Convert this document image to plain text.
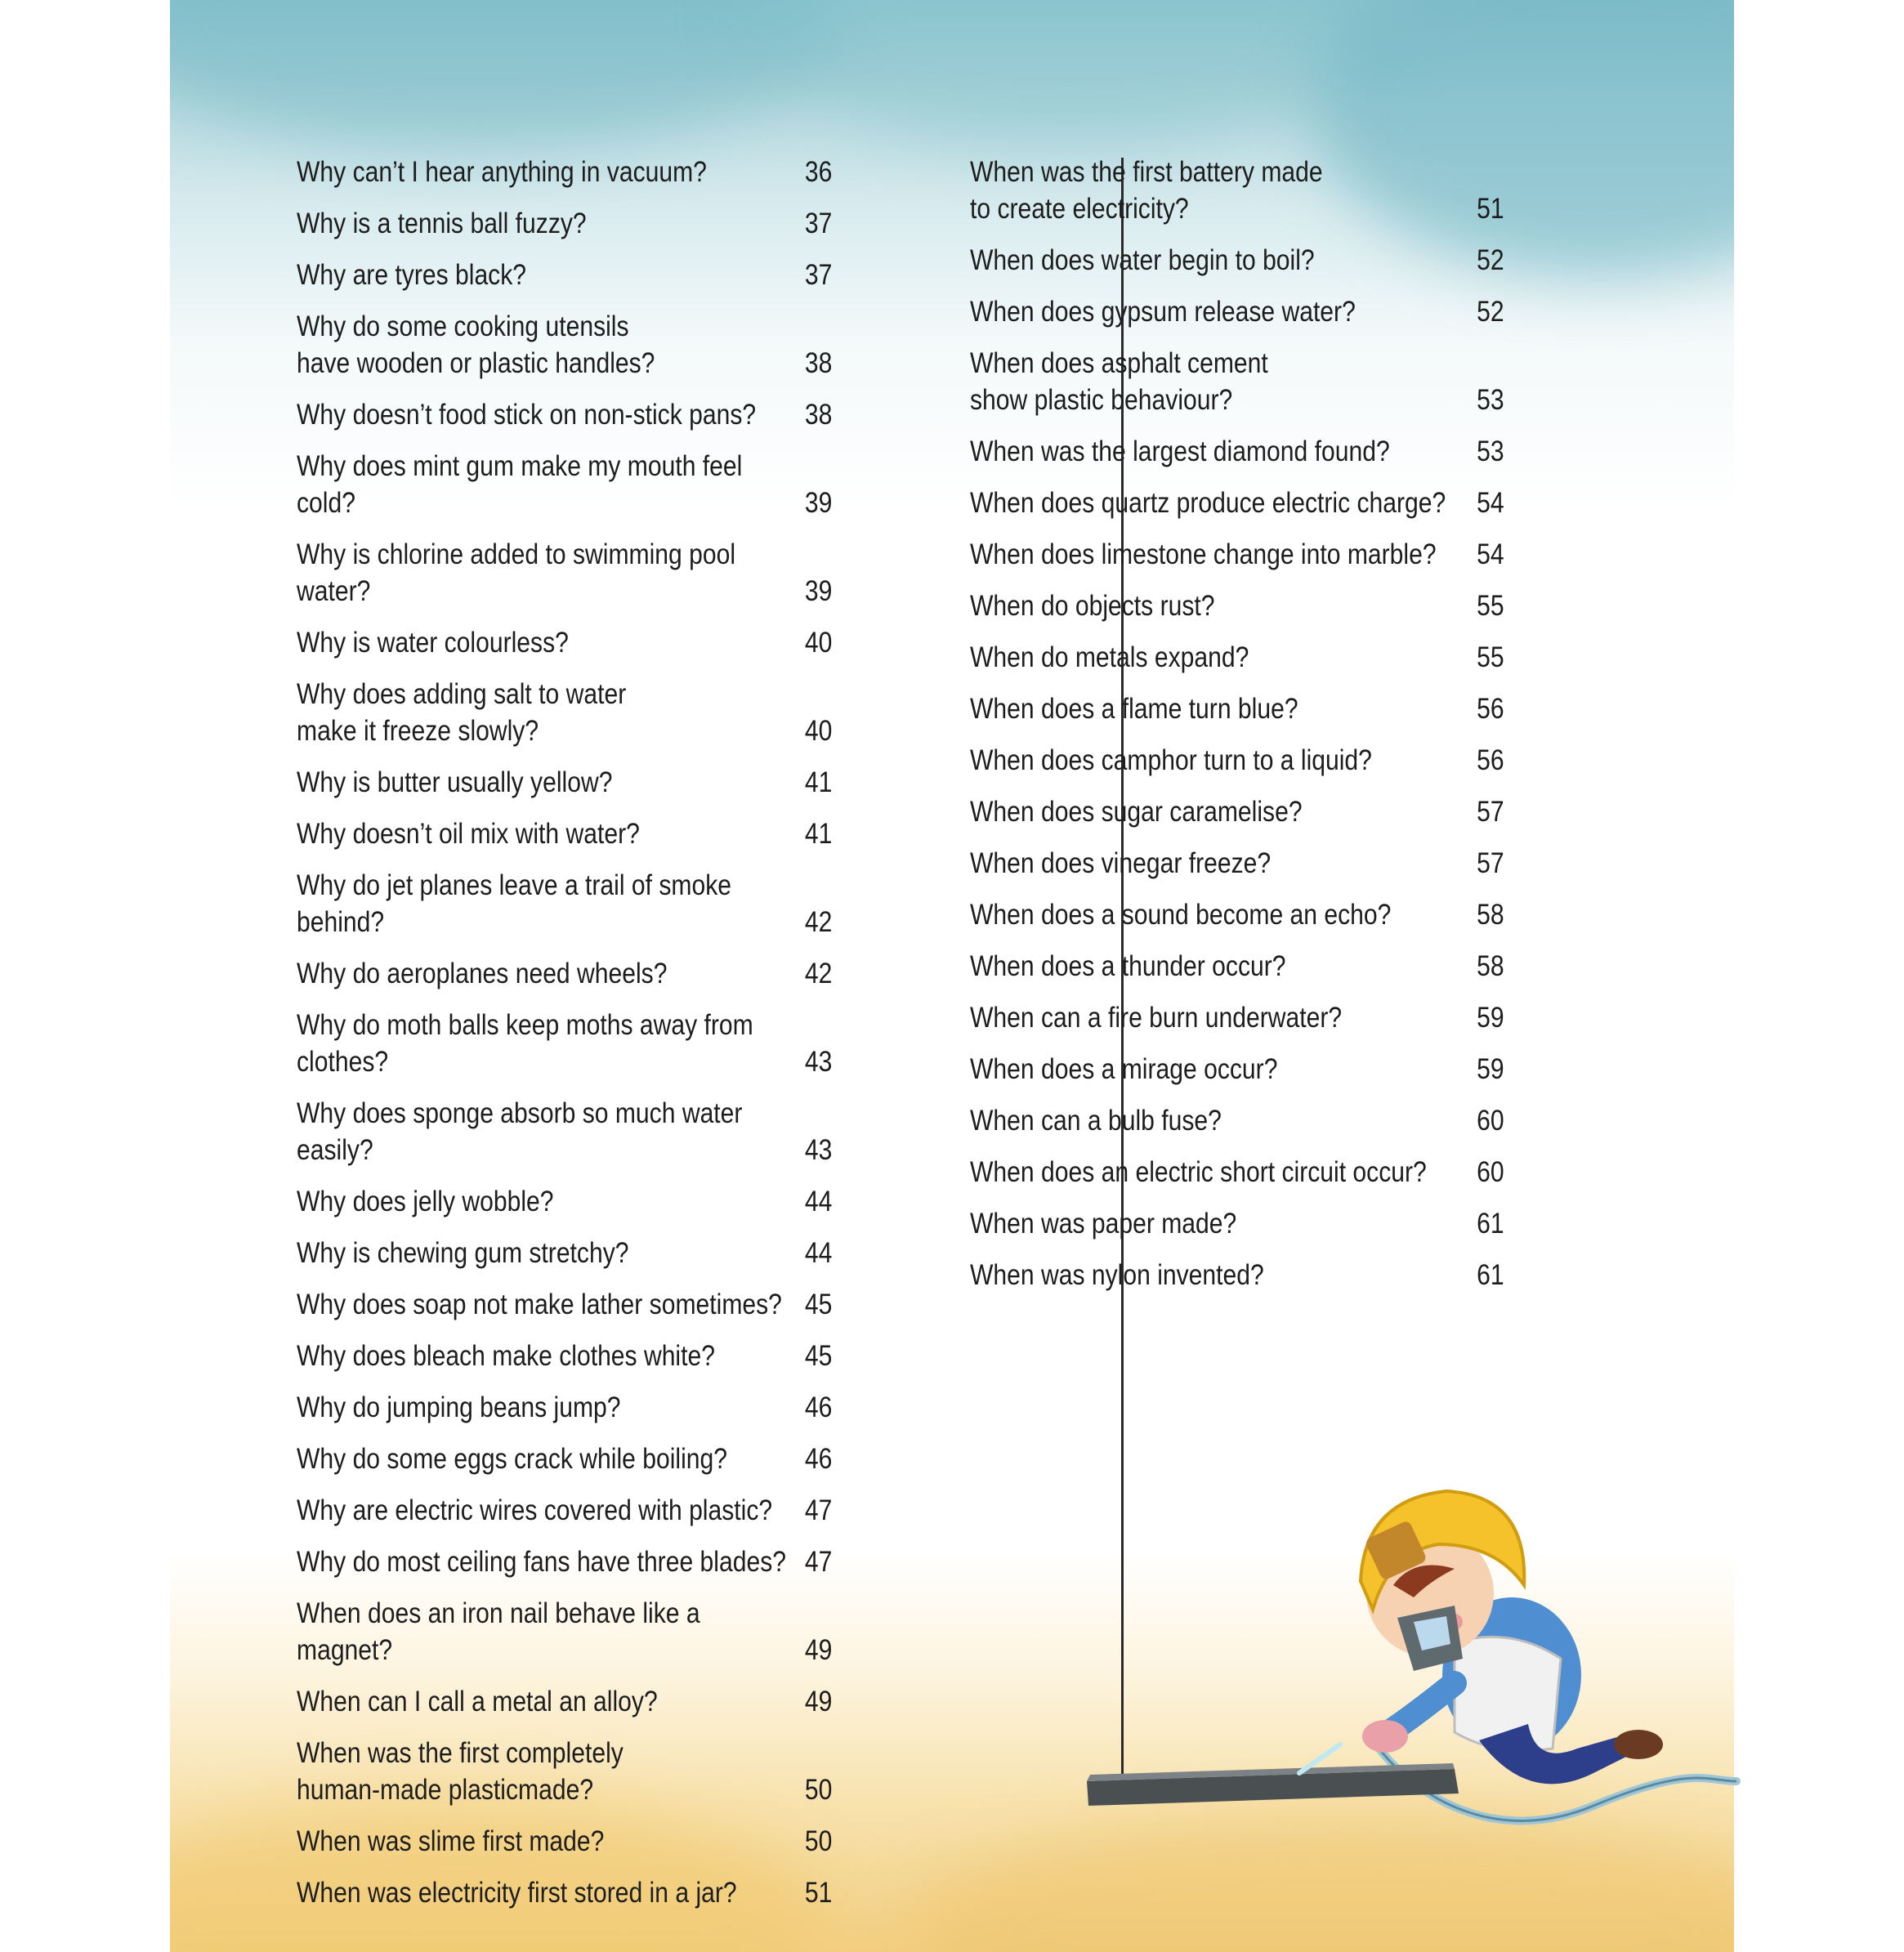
Why can’t I hear anything in vacuum?	36
Why is a tennis ball fuzzy?	37
Why are tyres black?	37
Why do some cooking utensils
have wooden or plastic handles?	38
Why doesn’t food stick on non-stick pans?	38
Why does mint gum make my mouth feel cold?	39
Why is chlorine added to swimming pool water?	39
Why is water colourless?	40
Why does adding salt to water
make it freeze slowly?	40
Why is butter usually yellow?	41
Why doesn’t oil mix with water?	41
Why do jet planes leave a trail of smoke behind?	42
Why do aeroplanes need wheels?	42
Why do moth balls keep moths away from clothes?	43
Why does sponge absorb so much water easily?	43
Why does jelly wobble?	44
Why is chewing gum stretchy?	44
Why does soap not make lather sometimes? 45
Why does bleach make clothes white?	45
Why do jumping beans jump?	46
Why do some eggs crack while boiling?	46
Why are electric wires covered with plastic?	47
Why do most ceiling fans have three blades? 47
When does an iron nail behave like a magnet?	49
When can I call a metal an alloy?	49
When was the first completely
human-made plasticmade?	50
When was slime first made?	50
When was electricity first stored in a jar?	51
When was the first battery made
to create electricity?	51
When does water begin to boil?	52
When does gypsum release water?	52
When does asphalt cement
show plastic behaviour?	53
When was the largest diamond found?	53
When does quartz produce electric charge?	54
When does limestone change into marble?	54
When do objects rust?	55
When do metals expand?	55
When does a flame turn blue?	56
When does camphor turn to a liquid?	56
When does sugar caramelise?	57
When does vinegar freeze?	57
When does a sound become an echo?	58
When does a thunder occur?	58
When can a fire burn underwater?	59
When does a mirage occur?	59
When can a bulb fuse?	60
When does an electric short circuit occur?	60
When was paper made?	61
When was nylon invented?	61
